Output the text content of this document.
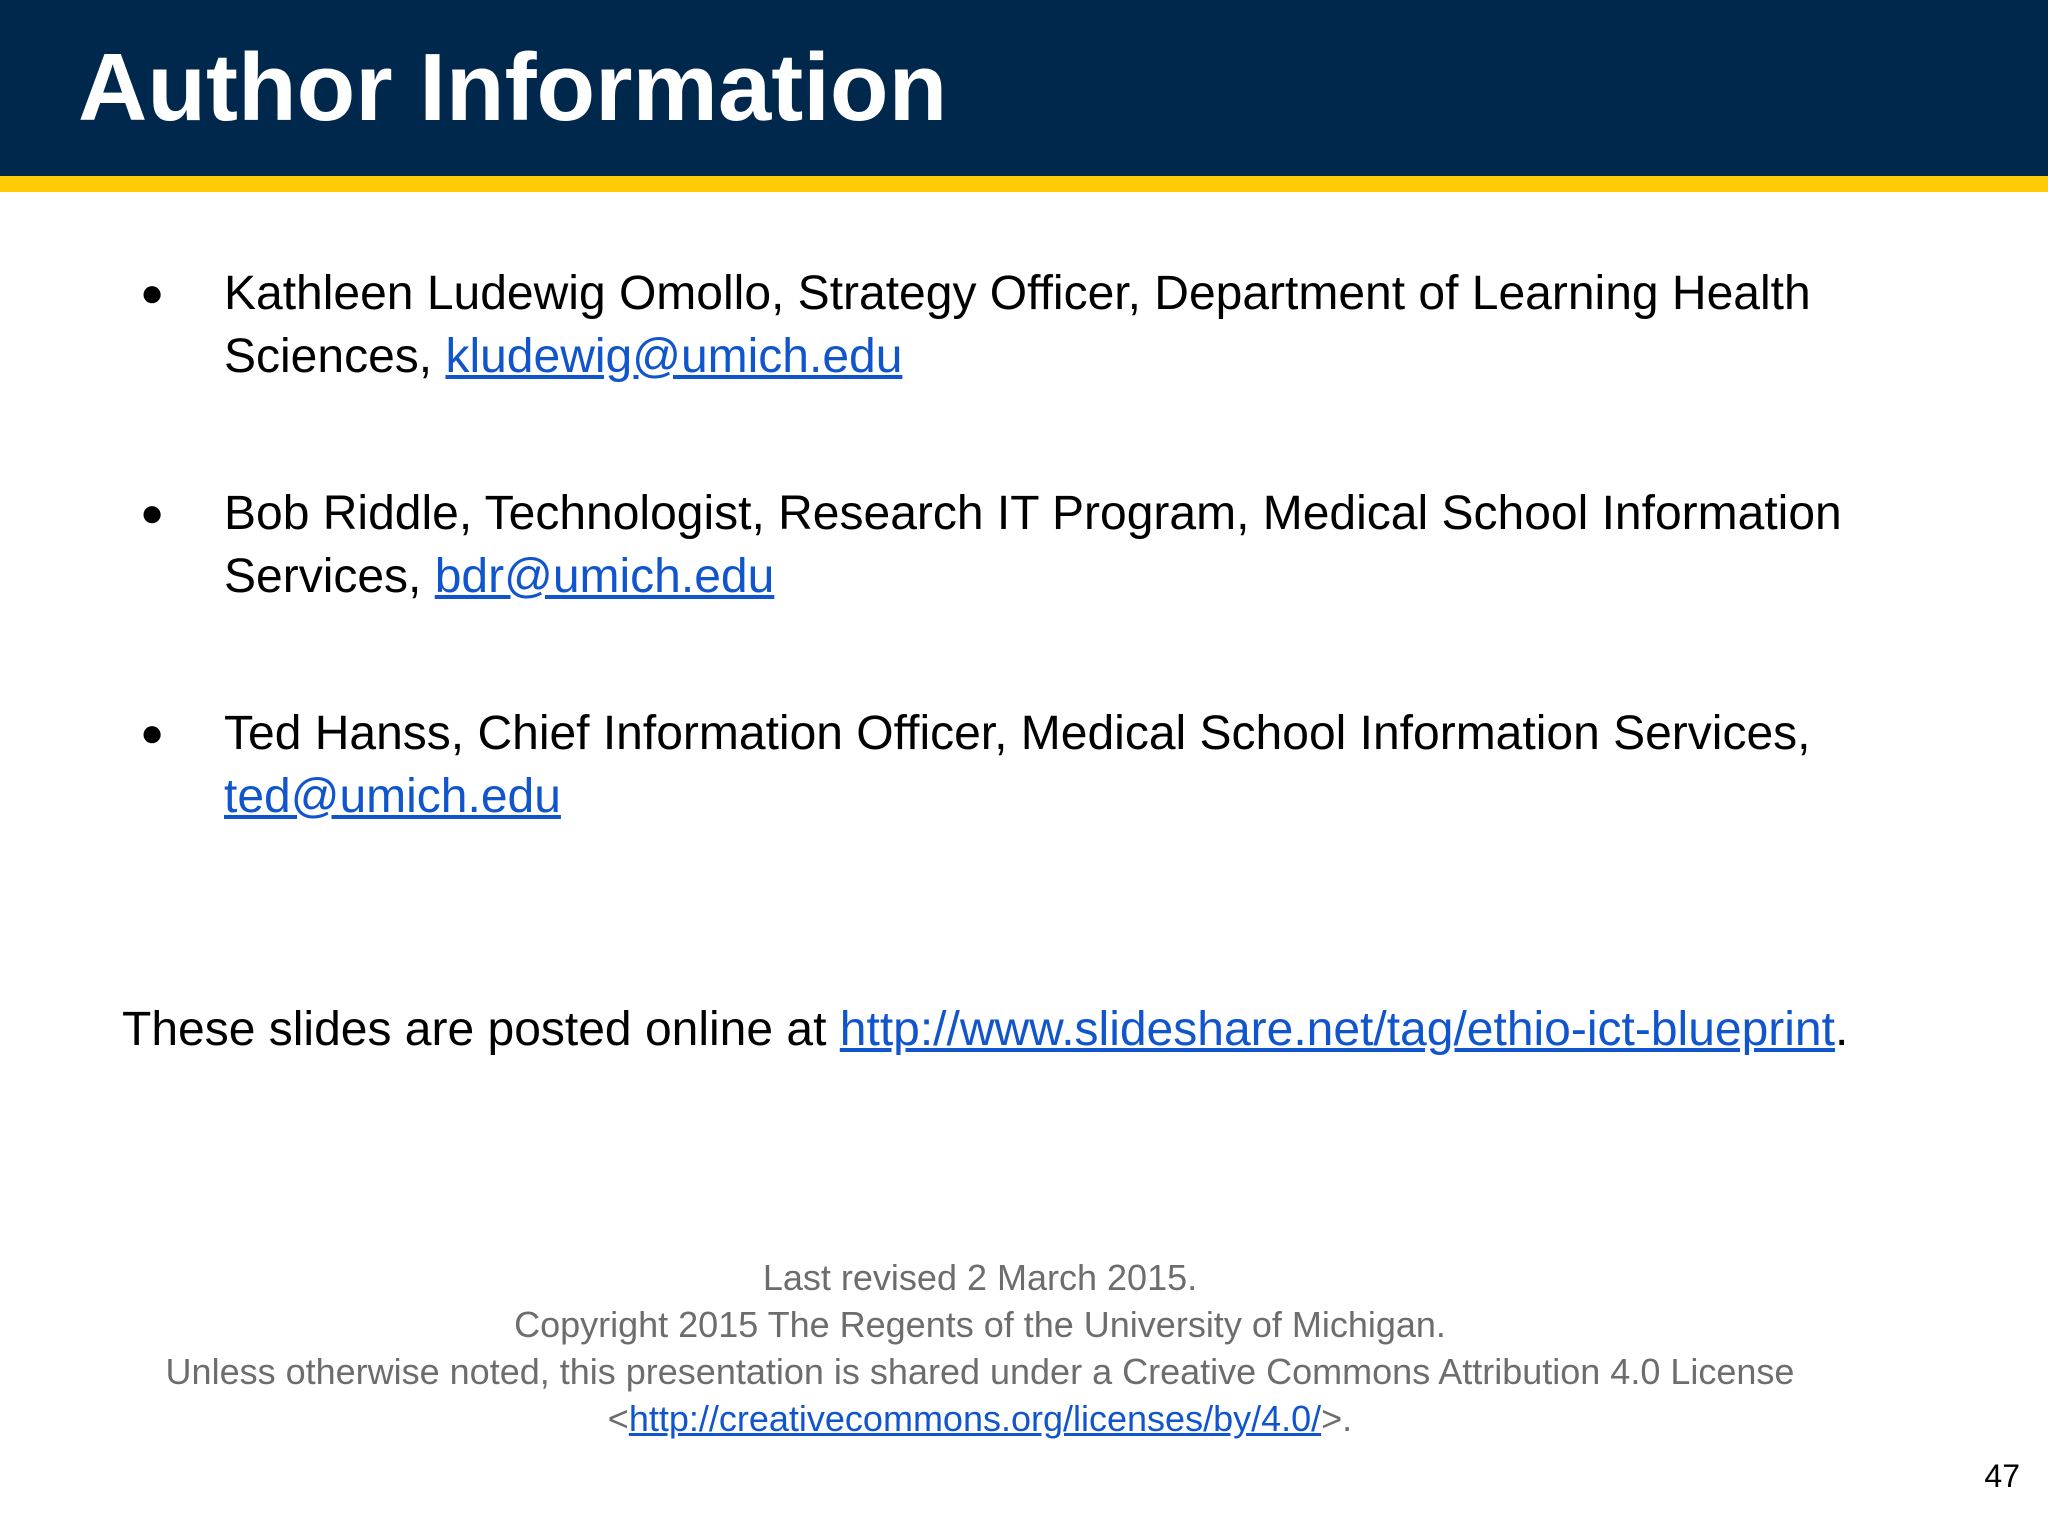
Author Information
● Kathleen Ludewig Omollo, Strategy Officer, Department of Learning Health Sciences, kludewig@umich.edu
● Bob Riddle, Technologist, Research IT Program, Medical School Information Services, bdr@umich.edu
● Ted Hanss, Chief Information Officer, Medical School Information Services, ted@umich.edu

These slides are posted online at http://www.slideshare.net/tag/ethio-ict-blueprint.

Last revised 2 March 2015.
Copyright 2015 The Regents of the University of Michigan.
Unless otherwise noted, this presentation is shared under a Creative Commons Attribution 4.0 License
<http://creativecommons.org/licenses/by/4.0/>.

47
